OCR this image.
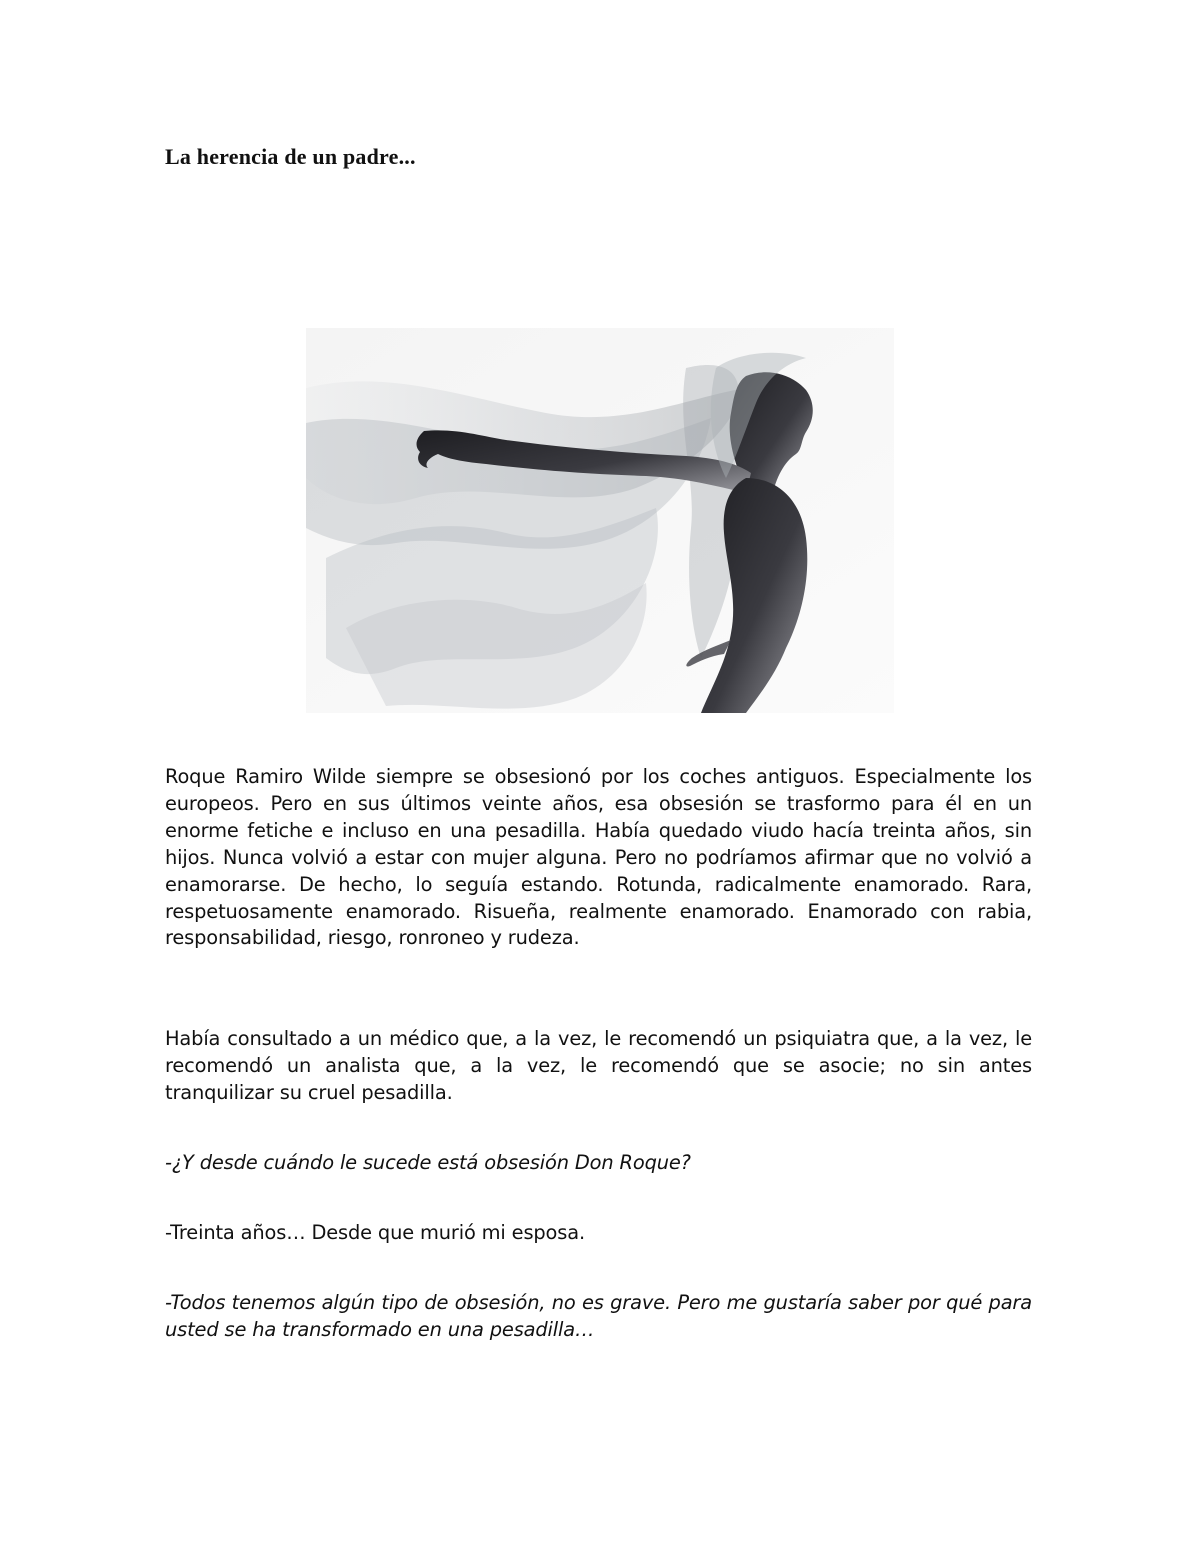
La herencia de un padre...

Roque Ramiro Wilde siempre se obsesionó por los coches antiguos. Especialmente los europeos. Pero en sus últimos veinte años, esa obsesión se trasformo para él en un enorme fetiche e incluso en una pesadilla. Había quedado viudo hacía treinta años, sin hijos. Nunca volvió a estar con mujer alguna. Pero no podríamos afirmar que no volvió a enamorarse. De hecho, lo seguía estando. Rotunda, radicalmente enamorado. Rara, respetuosamente enamorado. Risueña, realmente enamorado. Enamorado con rabia, responsabilidad, riesgo, ronroneo y rudeza.

Había consultado a un médico que, a la vez, le recomendó un psiquiatra que, a la vez, le recomendó un analista que, a la vez, le recomendó que se asocie; no sin antes tranquilizar su cruel pesadilla.

-¿Y desde cuándo le sucede está obsesión Don Roque?

-Treinta años… Desde que murió mi esposa.

-Todos tenemos algún tipo de obsesión, no es grave. Pero me gustaría saber por qué para usted se ha transformado en una pesadilla…
